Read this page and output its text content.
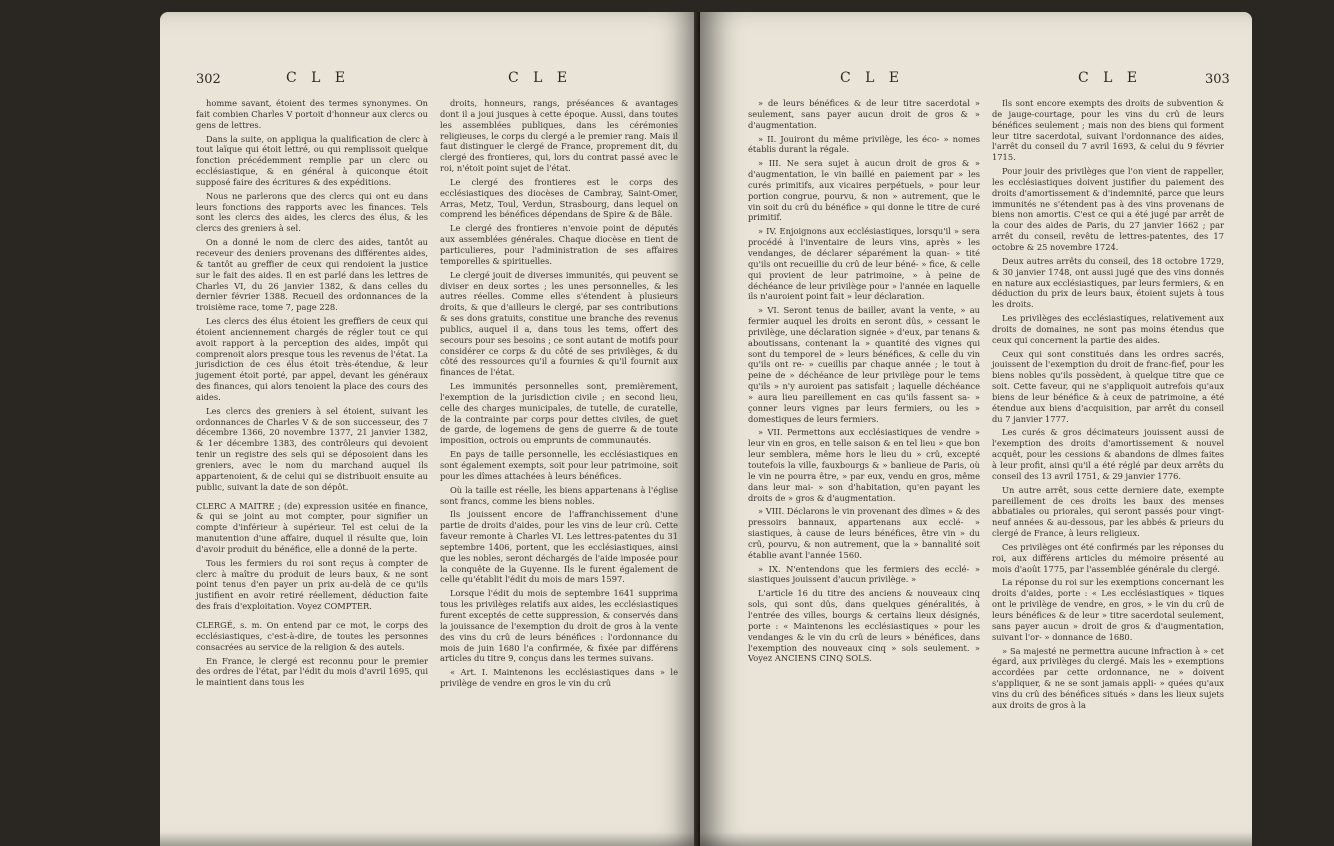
302	C L E	C L E

homme savant, étoient des termes synonymes. On fait combien Charles V portoit d'honneur aux clercs ou gens de lettres.

Dans la suite, on appliqua la qualification de clerc à tout laïque qui étoit lettré, ou qui remplissoit quelque fonction précédemment remplie par un clerc ou ecclésiastique, & en général à quiconque étoit supposé faire des écritures & des expéditions.

Nous ne parlerons que des clercs qui ont eu dans leurs fonctions des rapports avec les finances. Tels sont les clercs des aides, les clercs des élus, & les clercs des greniers à sel.

On a donné le nom de clerc des aides, tantôt au receveur des deniers provenans des différentes aides, & tantôt au greffier de ceux qui rendoient la justice sur le fait des aides. Il en est parlé dans les lettres de Charles VI, du 26 janvier 1382, & dans celles du dernier février 1388. Recueil des ordonnances de la troisième race, tome 7, page 228.

Les clercs des élus étoient les greffiers de ceux qui étoient anciennement chargés de régler tout ce qui avoit rapport à la perception des aides, impôt qui comprenoit alors presque tous les revenus de l'état. La jurisdiction de ces élus étoit très-étendue, & leur jugement étoit porté, par appel, devant les généraux des finances, qui alors tenoient la place des cours des aides.

Les clercs des greniers à sel étoient, suivant les ordonnances de Charles V & de son successeur, des 7 décembre 1366, 20 novembre 1377, 21 janvier 1382, & 1er décembre 1383, des contrôleurs qui devoient tenir un registre des sels qui se déposoient dans les greniers, avec le nom du marchand auquel ils appartenoient, & de celui qui se distribuoit ensuite au public, suivant la date de son dépôt.

CLERC A MAITRE ; (de) expression usitée en finance, & qui se joint au mot compter, pour signifier un compte d'inférieur à supérieur. Tel est celui de la manutention d'une affaire, duquel il résulte que, loin d'avoir produit du bénéfice, elle a donné de la perte.

Tous les fermiers du roi sont reçus à compter de clerc à maître du produit de leurs baux, & ne sont point tenus d'en payer un prix au-delà de ce qu'ils justifient en avoir retiré réellement, déduction faite des frais d'exploitation. Voyez COMPTER.

CLERGÉ, s. m. On entend par ce mot, le corps des ecclésiastiques, c'est-à-dire, de toutes les personnes consacrées au service de la religion & des autels.

En France, le clergé est reconnu pour le premier des ordres de l'état, par l'édit du mois d'avril 1695, qui le maintient dans tous les

droits, honneurs, rangs, préséances & avantages dont il a joui jusques à cette époque. Aussi, dans toutes les assemblées publiques, dans les cérémonies religieuses, le corps du clergé a le premier rang. Mais il faut distinguer le clergé de France, proprement dit, du clergé des frontieres, qui, lors du contrat passé avec le roi, n'étoit point sujet de l'état.

Le clergé des frontieres est le corps des ecclésiastiques des diocèses de Cambray, Saint-Omer, Arras, Metz, Toul, Verdun, Strasbourg, dans lequel on comprend les bénéfices dépendans de Spire & de Bâle.

Le clergé des frontieres n'envoie point de députés aux assemblées générales. Chaque diocèse en tient de particulieres, pour l'administration de ses affaires temporelles & spirituelles.

Le clergé jouit de diverses immunités, qui peuvent se diviser en deux sortes ; les unes personnelles, & les autres réelles. Comme elles s'étendent à plusieurs droits, & que d'ailleurs le clergé, par ses contributions & ses dons gratuits, constitue une branche des revenus publics, auquel il a, dans tous les tems, offert des secours pour ses besoins ; ce sont autant de motifs pour considérer ce corps & du côté de ses privilèges, & du côté des ressources qu'il a fournies & qu'il fournit aux finances de l'état.

Les immunités personnelles sont, premièrement, l'exemption de la jurisdiction civile ; en second lieu, celle des charges municipales, de tutelle, de curatelle, de la contrainte par corps pour dettes civiles, de guet de garde, de logemens de gens de guerre & de toute imposition, octrois ou emprunts de communautés.

En pays de taille personnelle, les ecclésiastiques en sont également exempts, soit pour leur patrimoine, soit pour les dîmes attachées à leurs bénéfices.

Où la taille est réelle, les biens appartenans à l'église sont francs, comme les biens nobles.

Ils jouissent encore de l'affranchissement d'une partie de droits d'aides, pour les vins de leur crû. Cette faveur remonte à Charles VI. Les lettres-patentes du 31 septembre 1406, portent, que les ecclésiastiques, ainsi que les nobles, seront déchargés de l'aide imposée pour la conquête de la Guyenne. Ils le furent également de celle qu'établit l'édit du mois de mars 1597.

Lorsque l'édit du mois de septembre 1641 supprima tous les privilèges relatifs aux aides, les ecclésiastiques furent exceptés de cette suppression, & conservés dans la jouissance de l'exemption du droit de gros à la vente des vins du crû de leurs bénéfices : l'ordonnance du mois de juin 1680 l'a confirmée, & fixée par différens articles du titre 9, conçus dans les termes suivans.

« Art. I. Maintenons les ecclésiastiques dans » le privilège de vendre en gros le vin du crû

C L E	C L E	303

» de leurs bénéfices & de leur titre sacerdotal » seulement, sans payer aucun droit de gros & » d'augmentation.

» II. Jouiront du même privilège, les éco- » nomes établis durant la régale.

» III. Ne sera sujet à aucun droit de gros & » d'augmentation, le vin baillé en paiement par » les curés primitifs, aux vicaires perpétuels, » pour leur portion congrue, pourvu, & non » autrement, que le vin soit du crû du bénéfice » qui donne le titre de curé primitif.

» IV. Enjoignons aux ecclésiastiques, lorsqu'il » sera procédé à l'inventaire de leurs vins, après » les vendanges, de déclarer séparément la quan- » tité qu'ils ont recueillie du crû de leur béné- » fice, & celle qui provient de leur patrimoine, » à peine de déchéance de leur privilège pour » l'année en laquelle ils n'auroient point fait » leur déclaration.

» VI. Seront tenus de bailler, avant la vente, » au fermier auquel les droits en seront dûs, » cessant le privilège, une déclaration signée » d'eux, par tenans & aboutissans, contenant la » quantité des vignes qui sont du temporel de » leurs bénéfices, & celle du vin qu'ils ont re- » cueillis par chaque année ; le tout à peine de » déchéance de leur privilège pour le tems qu'ils » n'y auroient pas satisfait ; laquelle déchéance » aura lieu pareillement en cas qu'ils fassent sa- » çonner leurs vignes par leurs fermiers, ou les » domestiques de leurs fermiers.

» VII. Permettons aux ecclésiastiques de vendre » leur vin en gros, en telle saison & en tel lieu » que bon leur semblera, même hors le lieu du » crû, excepté toutefois la ville, fauxbourgs & » banlieue de Paris, où le vin ne pourra être, » par eux, vendu en gros, même dans leur mai- » son d'habitation, qu'en payant les droits de » gros & d'augmentation.

» VIII. Déclarons le vin provenant des dîmes » & des pressoirs bannaux, appartenans aux ecclé- » siastiques, à cause de leurs bénéfices, être vin » du crû, pourvu, & non autrement, que la » bannalité soit établie avant l'année 1560.

» IX. N'entendons que les fermiers des ecclé- » siastiques jouissent d'aucun privilège. »

L'article 16 du titre des anciens & nouveaux cinq sols, qui sont dûs, dans quelques généralités, à l'entrée des villes, bourgs & certains lieux désignés, porte : « Maintenons les ecclésiastiques » pour les vendanges & le vin du crû de leurs » bénéfices, dans l'exemption des nouveaux cinq » sols seulement. » Voyez ANCIENS CINQ SOLS.

Ils sont encore exempts des droits de subvention & de jauge-courtage, pour les vins du crû de leurs bénéfices seulement ; mais non des biens qui forment leur titre sacerdotal, suivant l'ordonnance des aides, l'arrêt du conseil du 7 avril 1693, & celui du 9 février 1715.

Pour jouir des privilèges que l'on vient de rappeller, les ecclésiastiques doivent justifier du paiement des droits d'amortissement & d'indemnité, parce que leurs immunités ne s'étendent pas à des vins provenans de biens non amortis. C'est ce qui a été jugé par arrêt de la cour des aides de Paris, du 27 janvier 1662 ; par arrêt du conseil, revêtu de lettres-patentes, des 17 octobre & 25 novembre 1724.

Deux autres arrêts du conseil, des 18 octobre 1729, & 30 janvier 1748, ont aussi jugé que des vins donnés en nature aux ecclésiastiques, par leurs fermiers, & en déduction du prix de leurs baux, étoient sujets à tous les droits.

Les privilèges des ecclésiastiques, relativement aux droits de domaines, ne sont pas moins étendus que ceux qui concernent la partie des aides.

Ceux qui sont constitués dans les ordres sacrés, jouissent de l'exemption du droit de franc-fief, pour les biens nobles qu'ils possèdent, à quelque titre que ce soit. Cette faveur, qui ne s'appliquoit autrefois qu'aux biens de leur bénéfice & à ceux de patrimoine, a été étendue aux biens d'acquisition, par arrêt du conseil du 7 janvier 1777.

Les curés & gros décimateurs jouissent aussi de l'exemption des droits d'amortissement & nouvel acquêt, pour les cessions & abandons de dîmes faites à leur profit, ainsi qu'il a été réglé par deux arrêts du conseil des 13 avril 1751, & 29 janvier 1776.

Un autre arrêt, sous cette derniere date, exempte pareillement de ces droits les baux des menses abbatiales ou priorales, qui seront passés pour vingt-neuf années & au-dessous, par les abbés & prieurs du clergé de France, à leurs religieux.

Ces privilèges ont été confirmés par les réponses du roi, aux différens articles du mémoire présenté au mois d'août 1775, par l'assemblée générale du clergé.

La réponse du roi sur les exemptions concernant les droits d'aides, porte : « Les ecclésiastiques » tiques ont le privilège de vendre, en gros, » le vin du crû de leurs bénéfices & de leur » titre sacerdotal seulement, sans payer aucun » droit de gros & d'augmentation, suivant l'or- » donnance de 1680.

» Sa majesté ne permettra aucune infraction à » cet égard, aux privilèges du clergé. Mais les » exemptions accordées par cette ordonnance, ne » doivent s'appliquer, & ne se sont jamais appli- » quées qu'aux vins du crû des bénéfices situés » dans les lieux sujets aux droits de gros à la
